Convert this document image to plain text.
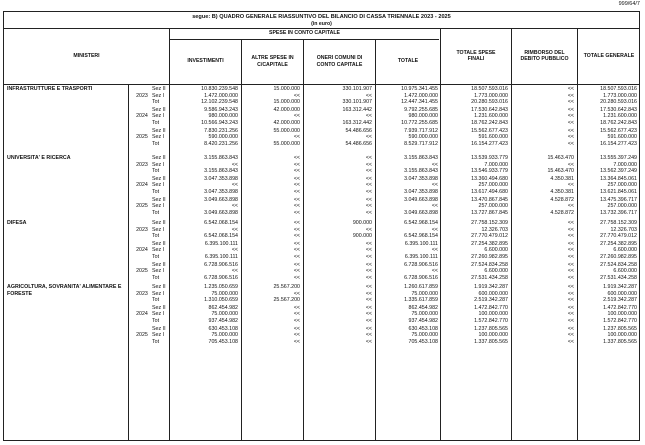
999/64/7
segue: B) QUADRO GENERALE RIASSUNTIVO DEL BILANCIO DI CASSA TRIENNALE 2023 - 2025
(in euro)
MINISTERI
SPESE IN CONTO CAPITALE
INVESTIMENTI
ALTRE SPESE IN C/CAPITALE
ONERI COMUNI DI CONTO CAPITALE
TOTALE
TOTALE SPESE FINALI
RIMBORSO DEL DEBITO PUBBLICO
TOTALE GENERALE
INFRASTRUTTURE E TRASPORTI	Sez II	10.830.239.548	15.000.000	330.101.907	10.975.341.455	18.507.593.016	<<	18.507.593.016
2023 Sez I	1.472.000.000	<<	<<	1.472.000.000	1.773.000.000	<<	1.773.000.000
Tot	12.102.239.548	15.000.000	330.101.907	12.447.341.455	20.280.593.016	<<	20.280.593.016
Sez II	9.586.943.243	42.000.000	163.312.442	9.792.255.685	17.530.642.843	<<	17.530.642.843
2024 Sez I	980.000.000	<<	<<	980.000.000	1.231.600.000	<<	1.231.600.000
Tot	10.566.943.243	42.000.000	163.312.442	10.772.255.685	18.762.242.843	<<	18.762.242.843
Sez II	7.830.231.256	55.000.000	54.486.656	7.939.717.912	15.562.677.423	<<	15.562.677.423
2025 Sez I	590.000.000	<<	<<	590.000.000	591.600.000	<<	591.600.000
Tot	8.420.231.256	55.000.000	54.486.656	8.529.717.912	16.154.277.423	<<	16.154.277.423
UNIVERSITA' E RICERCA	Sez II	3.155.863.843	<<	<<	3.155.863.843	13.539.933.779	15.463.470	13.555.397.249
2023 Sez I	<<	<<	<<	<<	7.000.000	<<	7.000.000
Tot	3.155.863.843	<<	<<	3.155.863.843	13.546.933.779	15.463.470	13.562.397.249
Sez II	3.047.353.898	<<	<<	3.047.353.898	13.360.494.680	4.350.381	13.364.845.061
2024 Sez I	<<	<<	<<	<<	257.000.000	<<	257.000.000
Tot	3.047.353.898	<<	<<	3.047.353.898	13.617.494.680	4.350.381	13.621.845.061
Sez II	3.049.663.898	<<	<<	3.049.663.898	13.470.867.845	4.528.872	13.475.396.717
2025 Sez I	<<	<<	<<	<<	257.000.000	<<	257.000.000
Tot	3.049.663.898	<<	<<	3.049.663.898	13.727.867.845	4.528.872	13.732.396.717
DIFESA	Sez II	6.542.068.154	<<	900.000	6.542.968.154	27.758.152.309	<<	27.758.152.309
2023 Sez I	<<	<<	<<	<<	12.326.703	<<	12.326.703
Tot	6.542.068.154	<<	900.000	6.542.968.154	27.770.479.012	<<	27.770.479.012
Sez II	6.395.100.111	<<	<<	6.395.100.111	27.254.382.895	<<	27.254.382.895
2024 Sez I	<<	<<	<<	<<	6.600.000	<<	6.600.000
Tot	6.395.100.111	<<	<<	6.395.100.111	27.260.982.895	<<	27.260.982.895
Sez II	6.728.906.516	<<	<<	6.728.906.516	27.524.834.258	<<	27.524.834.258
2025 Sez I	<<	<<	<<	<<	6.600.000	<<	6.600.000
Tot	6.728.906.516	<<	<<	6.728.906.516	27.531.434.258	<<	27.531.434.258
AGRICOLTURA, SOVRANITA' ALIMENTARE E FORESTE
Sez II	1.235.050.659	25.567.200	<<	1.260.617.859	1.919.342.287	<<	1.919.342.287
2023 Sez I	75.000.000	<<	<<	75.000.000	600.000.000	<<	600.000.000
Tot	1.310.050.659	25.567.200	<<	1.335.617.859	2.519.342.287	<<	2.519.342.287
Sez II	862.454.982	<<	<<	862.454.982	1.472.842.770	<<	1.472.842.770
2024 Sez I	75.000.000	<<	<<	75.000.000	100.000.000	<<	100.000.000
Tot	937.454.982	<<	<<	937.454.982	1.572.842.770	<<	1.572.842.770
Sez II	630.453.108	<<	<<	630.453.108	1.237.805.565	<<	1.237.805.565
2025 Sez I	75.000.000	<<	<<	75.000.000	100.000.000	<<	100.000.000
Tot	705.453.108	<<	<<	705.453.108	1.337.805.565	<<	1.337.805.565
